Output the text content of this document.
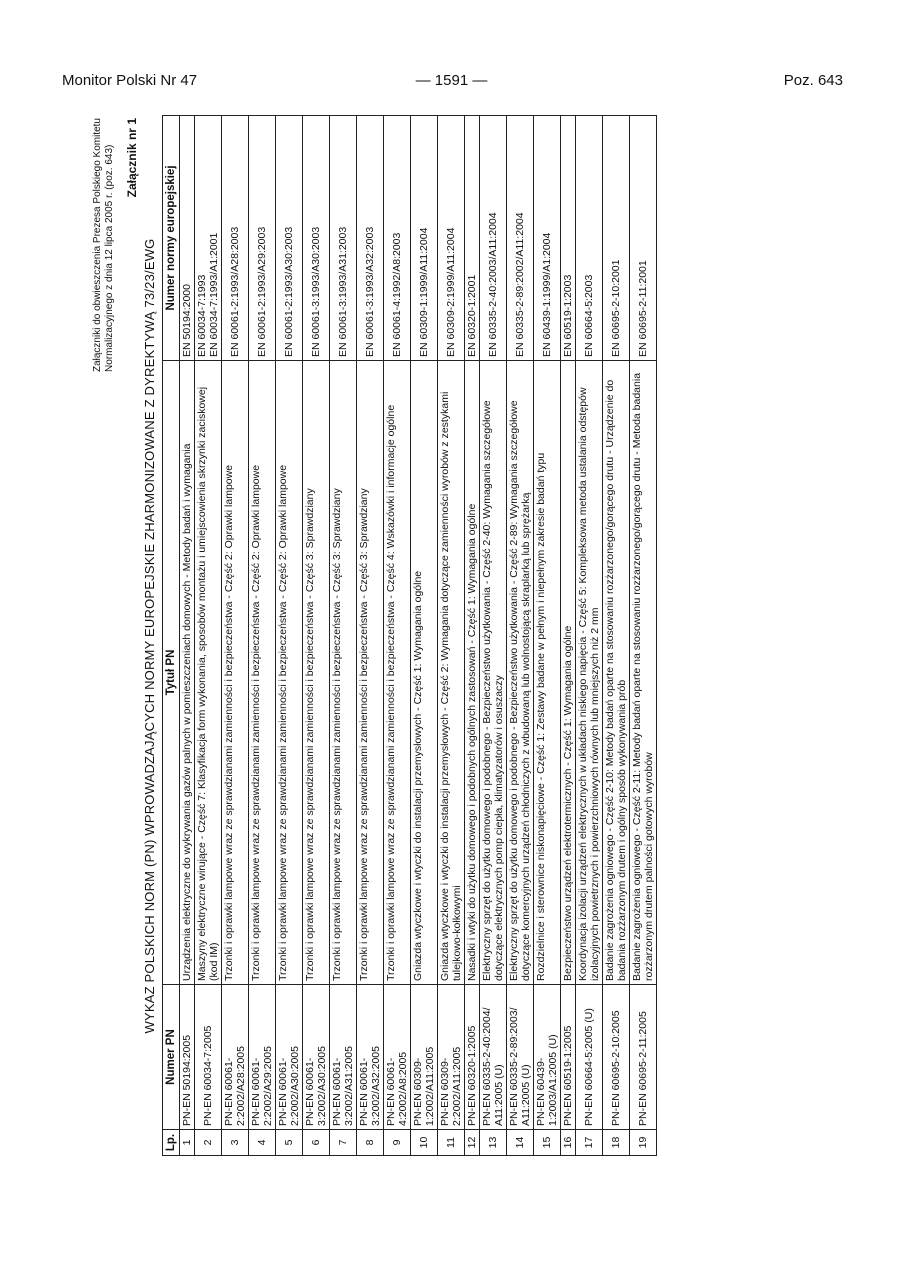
Monitor Polski Nr 47	— 1591 —	Poz. 643
Załączniki do obwieszczenia Prezesa Polskiego Komitetu Normalizacyjnego z dnia 12 lipca 2005 r. (poz. 643) Załącznik nr 1
WYKAZ POLSKICH NORM (PN) WPROWADZAJĄCYCH NORMY EUROPEJSKIE ZHARMONIZOWANE Z DYREKTYWĄ 73/23/EWG
Lp.	Numer PN	Tytuł PN	Numer normy europejskiej
1	PN-EN 50194:2005	Urządzenia elektryczne do wykrywania gazów palnych w pomieszczeniach domowych - Metody badań i wymagania	EN 50194:2000

2	PN-EN 60034-7:2005	Maszyny elektryczne wirujące - Część 7: Klasyfikacja form wykonania, sposobów montażu i umiejscowienia skrzynki zaciskowej (kod IM)	EN 60034-7:1993 EN 60034-7:1993/A1:2001

3	PN-EN 60061-2:2002/A28:2005	Trzonki i oprawki lampowe wraz ze sprawdzianami zamienności i bezpieczeństwa - Część 2: Oprawki lampowe	EN 60061-2:1993/A28:2003

4	PN-EN 60061-2:2002/A29:2005	Trzonki i oprawki lampowe wraz ze sprawdzianami zamienności i bezpieczeństwa - Część 2: Oprawki lampowe	EN 60061-2:1993/A29:2003

5	PN-EN 60061-2:2002/A30:2005	Trzonki i oprawki lampowe wraz ze sprawdzianami zamienności i bezpieczeństwa - Część 2: Oprawki lampowe	EN 60061-2:1993/A30:2003

6	PN-EN 60061-3:2002/A30:2005	Trzonki i oprawki lampowe wraz ze sprawdzianami zamienności i bezpieczeństwa - Część 3: Sprawdziany	EN 60061-3:1993/A30:2003

7	PN-EN 60061-3:2002/A31:2005	Trzonki i oprawki lampowe wraz ze sprawdzianami zamienności i bezpieczeństwa - Część 3: Sprawdziany	EN 60061-3:1993/A31:2003

8	PN-EN 60061-3:2002/A32:2005	Trzonki i oprawki lampowe wraz ze sprawdzianami zamienności i bezpieczeństwa - Część 3: Sprawdziany	EN 60061-3:1993/A32:2003

9	PN-EN 60061-4:2002/A8:2005	Trzonki i oprawki lampowe wraz ze sprawdzianami zamienności i bezpieczeństwa - Część 4: Wskazówki i informacje ogólne	EN 60061-4:1992/A8:2003

10	PN-EN 60309-1:2002/A11:2005	Gniazda wtyczkowe i wtyczki do instalacji przemysłowych - Część 1: Wymagania ogólne	EN 60309-1:1999/A11:2004

11	PN-EN 60309-2:2002/A11:2005	Gniazda wtyczkowe i wtyczki do instalacji przemysłowych - Część 2: Wymagania dotyczące zamienności wyrobów z zestykami tulejkowo-kołkowymi	EN 60309-2:1999/A11:2004

12	PN-EN 60320-1:2005	Nasadki i wtyki do użytku domowego i podobnych ogólnych zastosowań - Część 1: Wymagania ogólne	EN 60320-1:2001

13	PN-EN 60335-2-40:2004/ A11:2005 (U)	Elektryczny sprzęt do użytku domowego i podobnego - Bezpieczeństwo użytkowania - Część 2-40: Wymagania szczegółowe dotyczące elektrycznych pomp ciepła, klimatyzatorów i osuszaczy	EN 60335-2-40:2003/A11:2004

14	PN-EN 60335-2-89:2003/ A11:2005 (U)	Elektryczny sprzęt do użytku domowego i podobnego - Bezpieczeństwo użytkowania - Część 2-89: Wymagania szczegółowe dotyczące komercyjnych urządzeń chłodniczych z wbudowaną lub wolnostojącą skraplarką lub sprężarką	EN 60335-2-89:2002/A11:2004

15	PN-EN 60439-1:2003/A1:2005 (U)	Rozdzielnice i sterownice niskonapięciowe - Część 1: Zestawy badane w pełnym i niepełnym zakresie badań typu	EN 60439-1:1999/A1:2004

16	PN-EN 60519-1:2005	Bezpieczeństwo urządzeń elektrotermicznych - Część 1: Wymagania ogólne	EN 60519-1:2003

17	PN-EN 60664-5:2005 (U)	Koordynacja izolacji urządzeń elektrycznych w układach niskiego napięcia - Część 5: Kompleksowa metoda ustalania odstępów izolacyjnych powietrznych i powierzchniowych równych lub mniejszych niż 2 mm	EN 60664-5:2003

18	PN-EN 60695-2-10:2005	Badanie zagrożenia ogniowego - Część 2-10: Metody badań oparte na stosowaniu rozżarzonego/gorącego drutu - Urządzenie do badania rozżarzonym drutem i ogólny sposób wykonywania prób	EN 60695-2-10:2001

19	PN-EN 60695-2-11:2005	Badanie zagrożenia ogniowego - Część 2-11: Metody badań oparte na stosowaniu rozżarzonego/gorącego drutu - Metoda badania rozżarzonym drutem palności gotowych wyrobów	EN 60695-2-11:2001
